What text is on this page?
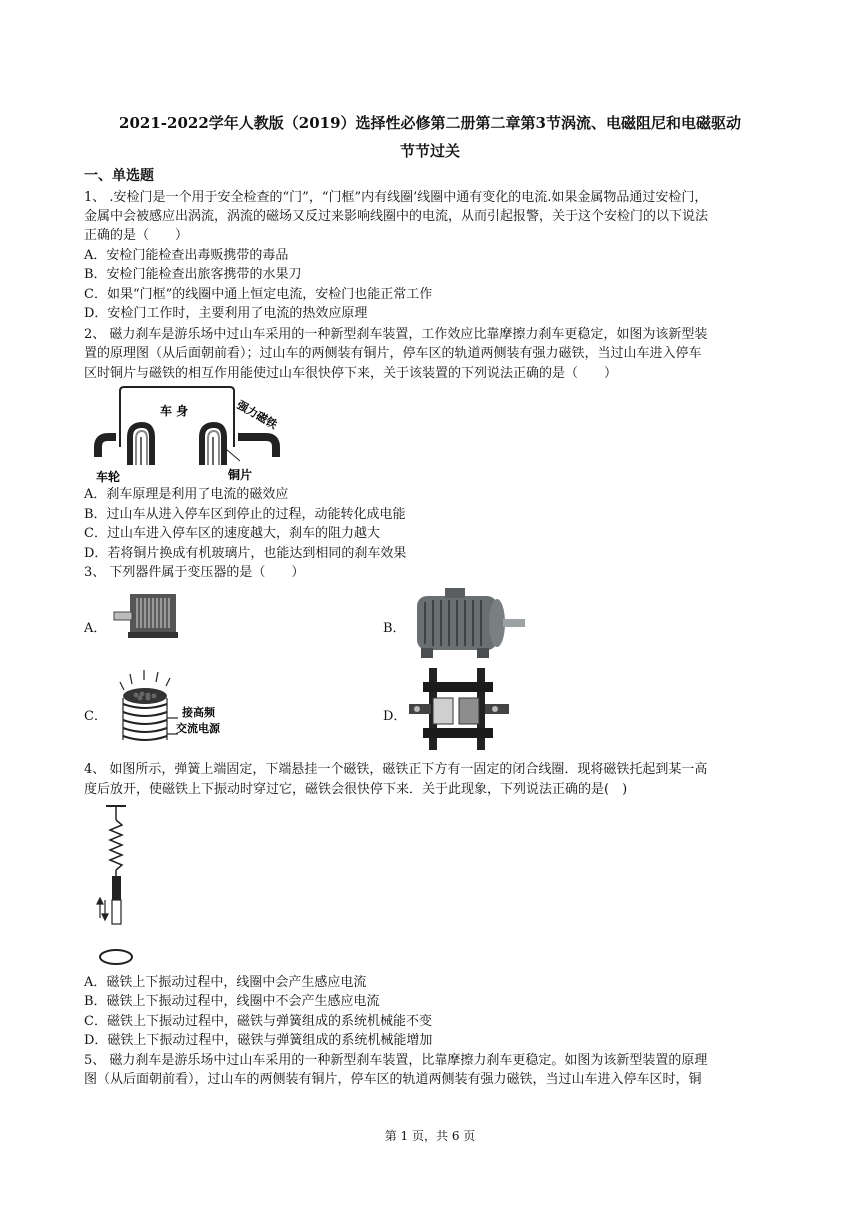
2021-2022学年人教版（2019）选择性必修第二册第二章第3节涡流、电磁阻尼和电磁驱动
节节过关
一、单选题
1、 .安检门是一个用于安全检查的“门”，“门框”内有线圈’线圈中通有变化的电流.如果金属物品通过安检门，
金属中会被感应出涡流，涡流的磁场又反过来影响线圈中的电流，从而引起报警，关于这个安检门的以下说法
正确的是（　　）
A．安检门能检查出毒贩携带的毒品
B．安检门能检查出旅客携带的水果刀
C．如果“门框”的线圈中通上恒定电流，安检门也能正常工作
D．安检门工作时，主要利用了电流的热效应原理
2、 磁力刹车是游乐场中过山车采用的一种新型刹车装置，工作效应比靠摩擦力刹车更稳定，如图为该新型装
置的原理图（从后面朝前看）；过山车的两侧装有铜片，停车区的轨道两侧装有强力磁铁，当过山车进入停车
区时铜片与磁铁的相互作用能使过山车很快停下来，关于该装置的下列说法正确的是（　　）
车 身	强力磁铁
车轮	铜片
A．刹车原理是利用了电流的磁效应
B．过山车从进入停车区到停止的过程，动能转化成电能
C．过山车进入停车区的速度越大，刹车的阻力越大
D．若将铜片换成有机玻璃片，也能达到相同的刹车效果
3、 下列器件属于变压器的是（　　）
A．	B．
C．	接高频
交流电源
D．
4、 如图所示，弹簧上端固定，下端悬挂一个磁铁，磁铁正下方有一固定的闭合线圈．现将磁铁托起到某一高
度后放开，使磁铁上下振动时穿过它，磁铁会很快停下来．关于此现象，下列说法正确的是(　)
A．磁铁上下振动过程中，线圈中会产生感应电流
B．磁铁上下振动过程中，线圈中不会产生感应电流
C．磁铁上下振动过程中，磁铁与弹簧组成的系统机械能不变
D．磁铁上下振动过程中，磁铁与弹簧组成的系统机械能增加
5、 磁力刹车是游乐场中过山车采用的一种新型刹车装置，比靠摩擦力刹车更稳定。如图为该新型装置的原理
图（从后面朝前看），过山车的两侧装有铜片，停车区的轨道两侧装有强力磁铁，当过山车进入停车区时，铜
第 1 页，共 6 页
